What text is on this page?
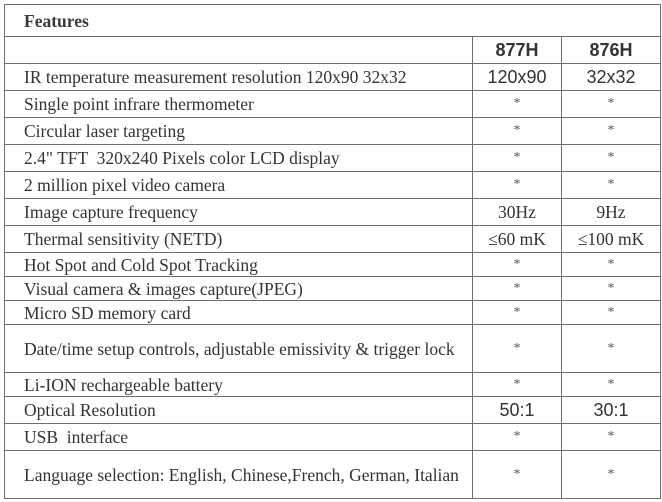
Features		
	877H	876H
IR temperature measurement resolution 120x90 32x32	120x90	32x32
Single point infrare thermometer	*	*
Circular laser targeting	*	*
2.4" TFT  320x240 Pixels color LCD display	*	*
2 million pixel video camera	*	*
Image capture frequency	30Hz	9Hz
Thermal sensitivity (NETD)	≤60 mK	≤100 mK
Hot Spot and Cold Spot Tracking	*	*
Visual camera & images capture(JPEG)	*	*
Micro SD memory card	*	*
Date/time setup controls, adjustable emissivity & trigger lock	*	*
Li-ION rechargeable battery	*	*
Optical Resolution	50:1	30:1
USB  interface	*	*
Language selection: English, Chinese,French, German, Italian	*	*
